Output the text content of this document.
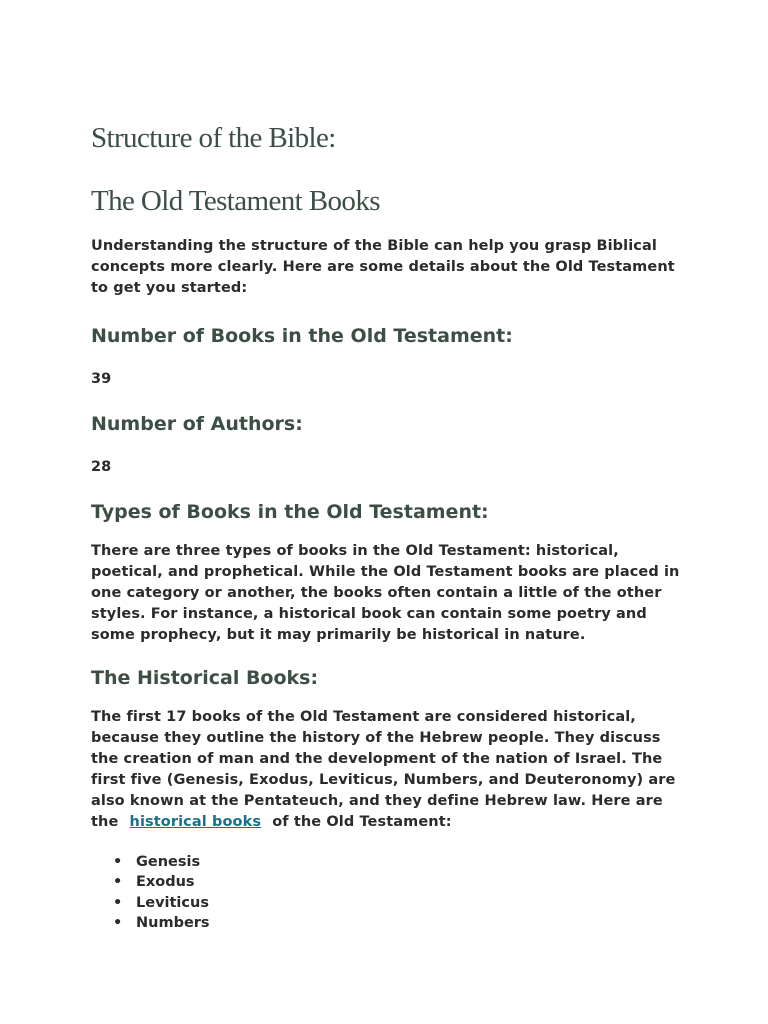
Structure of the Bible:
The Old Testament Books

Understanding the structure of the Bible can help you grasp Biblical concepts more clearly. Here are some details about the Old Testament to get you started:

Number of Books in the Old Testament:

39

Number of Authors:

28

Types of Books in the Old Testament:

There are three types of books in the Old Testament: historical, poetical, and prophetical. While the Old Testament books are placed in one category or another, the books often contain a little of the other styles. For instance, a historical book can contain some poetry and some prophecy, but it may primarily be historical in nature.

The Historical Books:

The first 17 books of the Old Testament are considered historical, because they outline the history of the Hebrew people. They discuss the creation of man and the development of the nation of Israel. The first five (Genesis, Exodus, Leviticus, Numbers, and Deuteronomy) are also known at the Pentateuch, and they define Hebrew law. Here are the historical books of the Old Testament:

• Genesis
• Exodus
• Leviticus
• Numbers
